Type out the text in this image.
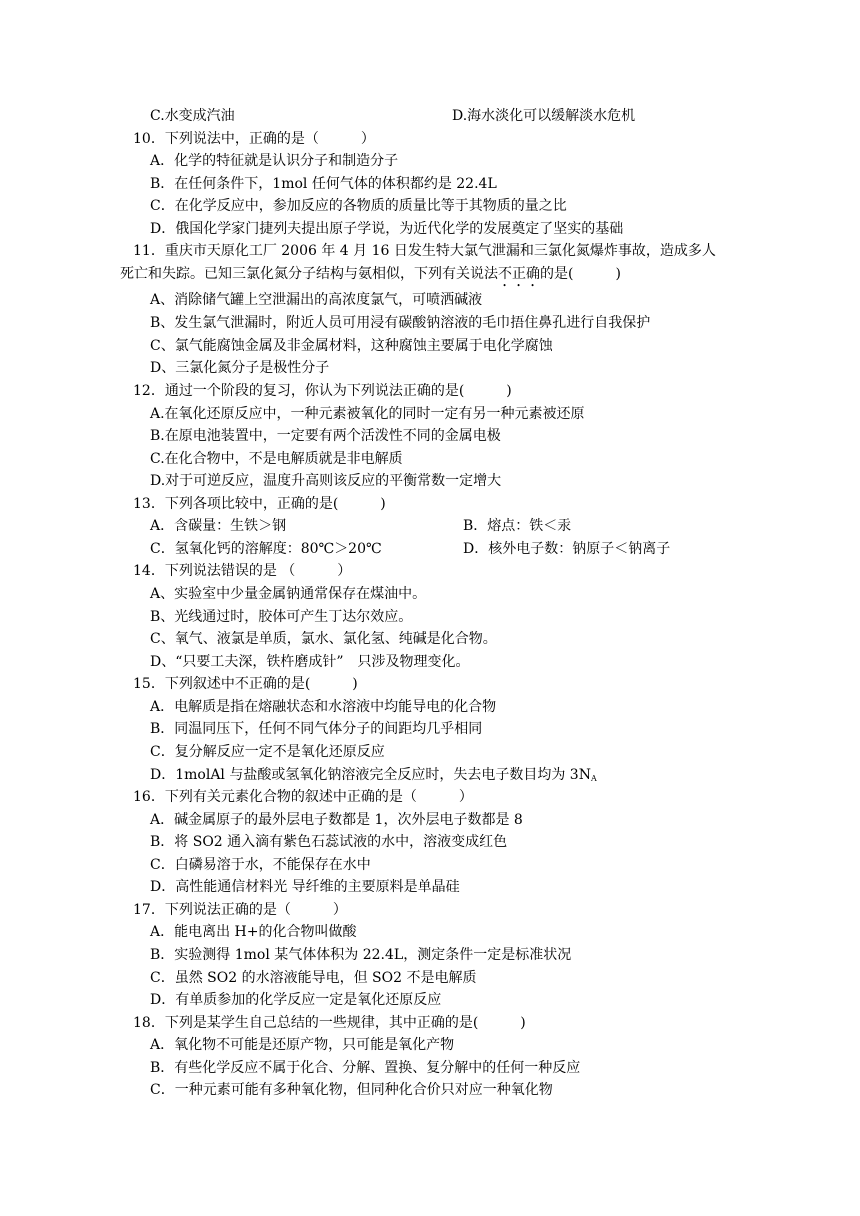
C.水变成汽油	D.海水淡化可以缓解淡水危机
10．下列说法中，正确的是（　　　）
A．化学的特征就是认识分子和制造分子
B．在任何条件下，1mol 任何气体的体积都约是 22.4L
C．在化学反应中，参加反应的各物质的质量比等于其物质的量之比
D．俄国化学家门捷列夫提出原子学说，为近代化学的发展奠定了坚实的基础
11．重庆市天原化工厂 2006 年 4 月 16 日发生特大氯气泄漏和三氯化氮爆炸事故，造成多人
死亡和失踪。已知三氯化氮分子结构与氨相似，下列有关说法不正确的是(　　　)
A、消除储气罐上空泄漏出的高浓度氯气，可喷洒碱液
B、发生氯气泄漏时，附近人员可用浸有碳酸钠溶液的毛巾捂住鼻孔进行自我保护
C、氯气能腐蚀金属及非金属材料，这种腐蚀主要属于电化学腐蚀
D、三氯化氮分子是极性分子
12．通过一个阶段的复习，你认为下列说法正确的是(　　　)
A.在氧化还原反应中，一种元素被氧化的同时一定有另一种元素被还原
B.在原电池装置中，一定要有两个活泼性不同的金属电极
C.在化合物中，不是电解质就是非电解质
D.对于可逆反应，温度升高则该反应的平衡常数一定增大
13．下列各项比较中，正确的是(　　　)
A．含碳量：生铁＞钢	B．熔点：铁＜汞
C．氢氧化钙的溶解度：80℃＞20℃	D．核外电子数：钠原子＜钠离子
14．下列说法错误的是 （　　　）
A、实验室中少量金属钠通常保存在煤油中。
B、光线通过时，胶体可产生丁达尔效应。
C、氧气、液氯是单质，氯水、氯化氢、纯碱是化合物。
D、“只要工夫深，铁杵磨成针”　只涉及物理变化。
15．下列叙述中不正确的是(　　　)
A．电解质是指在熔融状态和水溶液中均能导电的化合物
B．同温同压下，任何不同气体分子的间距均几乎相同
C．复分解反应一定不是氧化还原反应
D．1molAl 与盐酸或氢氧化钠溶液完全反应时，失去电子数目均为 $3N_A$
16．下列有关元素化合物的叙述中正确的是（　　　）
A．碱金属原子的最外层电子数都是 1，次外层电子数都是 8
B．将 SO2 通入滴有紫色石蕊试液的水中，溶液变成红色
C．白磷易溶于水，不能保存在水中
D．高性能通信材料光 导纤维的主要原料是单晶硅
17．下列说法正确的是（　　　）
A．能电离出 H+的化合物叫做酸
B．实验测得 1mol 某气体体积为 22.4L，测定条件一定是标准状况
C．虽然 SO2 的水溶液能导电，但 SO2 不是电解质
D．有单质参加的化学反应一定是氧化还原反应
18．下列是某学生自己总结的一些规律，其中正确的是(　　　)
A．氧化物不可能是还原产物，只可能是氧化产物
B．有些化学反应不属于化合、分解、置换、复分解中的任何一种反应
C．一种元素可能有多种氧化物，但同种化合价只对应一种氧化物
